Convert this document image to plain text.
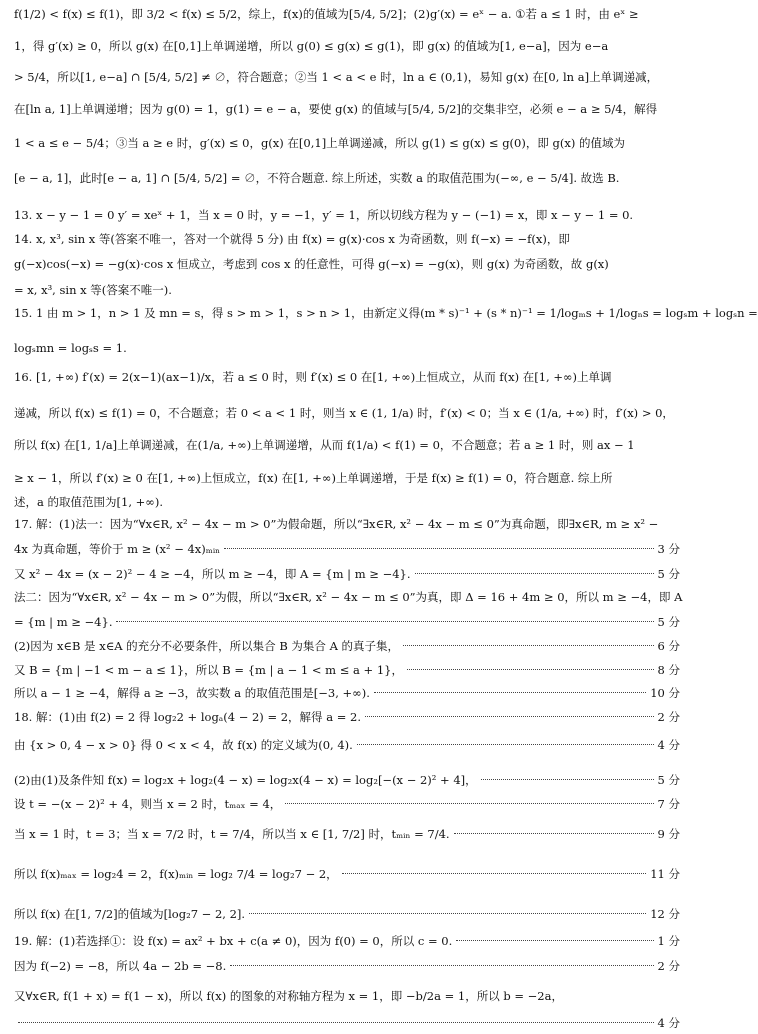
f(1/2) < f(x) ≤ f(1)，即 3/2 < f(x) ≤ 5/2，综上，f(x)的值域为[5/4, 5/2]；(2)g′(x) = eˣ − a. ①若 a ≤ 1 时，由 eˣ ≥
1，得 g′(x) ≥ 0，所以 g(x) 在[0,1]上单调递增，所以 g(0) ≤ g(x) ≤ g(1)，即 g(x) 的值域为[1, e−a]，因为 e−a
> 5/4，所以[1, e−a] ∩ [5/4, 5/2] ≠ ∅，符合题意；②当 1 < a < e 时，ln a ∈ (0,1)，易知 g(x) 在[0, ln a]上单调递减，
在[ln a, 1]上单调递增；因为 g(0) = 1，g(1) = e − a，要使 g(x) 的值域与[5/4, 5/2]的交集非空，必须 e − a ≥ 5/4，解得
1 < a ≤ e − 5/4；③当 a ≥ e 时，g′(x) ≤ 0，g(x) 在[0,1]上单调递减，所以 g(1) ≤ g(x) ≤ g(0)，即 g(x) 的值域为
[e − a, 1]，此时[e − a, 1] ∩ [5/4, 5/2] = ∅，不符合题意. 综上所述，实数 a 的取值范围为(−∞, e − 5/4]. 故选 B.
13. x − y − 1 = 0 y′ = xeˣ + 1，当 x = 0 时，y = −1，y′ = 1，所以切线方程为 y − (−1) = x，即 x − y − 1 = 0.
14. x, x³, sin x 等(答案不唯一，答对一个就得 5 分) 由 f(x) = g(x)·cos x 为奇函数，则 f(−x) = −f(x)，即
g(−x)cos(−x) = −g(x)·cos x 恒成立，考虑到 cos x 的任意性，可得 g(−x) = −g(x)，则 g(x) 为奇函数，故 g(x)
= x, x³, sin x 等(答案不唯一).
15. 1 由 m > 1，n > 1 及 mn = s，得 s > m > 1，s > n > 1，由新定义得(m * s)⁻¹ + (s * n)⁻¹ = 1/logₘs + 1/logₙs = logₛm + logₛn =
logₛmn = logₛs = 1.
16. [1, +∞) f′(x) = 2(x−1)(ax−1)/x，若 a ≤ 0 时，则 f′(x) ≤ 0 在[1, +∞)上恒成立，从而 f(x) 在[1, +∞)上单调
递减，所以 f(x) ≤ f(1) = 0，不合题意；若 0 < a < 1 时，则当 x ∈ (1, 1/a) 时，f′(x) < 0；当 x ∈ (1/a, +∞) 时，f′(x) > 0，
所以 f(x) 在[1, 1/a]上单调递减，在(1/a, +∞)上单调递增，从而 f(1/a) < f(1) = 0，不合题意；若 a ≥ 1 时，则 ax − 1
≥ x − 1，所以 f′(x) ≥ 0 在[1, +∞)上恒成立，f(x) 在[1, +∞)上单调递增，于是 f(x) ≥ f(1) = 0，符合题意. 综上所
述，a 的取值范围为[1, +∞).
17. 解：(1)法一：因为“∀x∈R, x² − 4x − m > 0”为假命题，所以“∃x∈R, x² − 4x − m ≤ 0”为真命题，即∃x∈R, m ≥ x² −
4x 为真命题，等价于 m ≥ (x² − 4x)ₘᵢₙ	3 分
又 x² − 4x = (x − 2)² − 4 ≥ −4，所以 m ≥ −4，即 A = {m | m ≥ −4}.	5 分
法二：因为“∀x∈R, x² − 4x − m > 0”为假，所以“∃x∈R, x² − 4x − m ≤ 0”为真，即 Δ = 16 + 4m ≥ 0，所以 m ≥ −4，即 A
= {m | m ≥ −4}.	5 分
(2)因为 x∈B 是 x∈A 的充分不必要条件，所以集合 B 为集合 A 的真子集，	6 分
又 B = {m | −1 < m − a ≤ 1}，所以 B = {m | a − 1 < m ≤ a + 1}，	8 分
所以 a − 1 ≥ −4，解得 a ≥ −3，故实数 a 的取值范围是[−3, +∞).	10 分
18. 解：(1)由 f(2) = 2 得 log₂2 + logₐ(4 − 2) = 2，解得 a = 2.	2 分
由 {x > 0, 4 − x > 0} 得 0 < x < 4，故 f(x) 的定义域为(0, 4).	4 分
(2)由(1)及条件知 f(x) = log₂x + log₂(4 − x) = log₂x(4 − x) = log₂[−(x − 2)² + 4]，	5 分
设 t = −(x − 2)² + 4，则当 x = 2 时，tₘₐₓ = 4，	7 分
当 x = 1 时，t = 3；当 x = 7/2 时，t = 7/4，所以当 x ∈ [1, 7/2] 时，tₘᵢₙ = 7/4.	9 分
所以 f(x)ₘₐₓ = log₂4 = 2，f(x)ₘᵢₙ = log₂ 7/4 = log₂7 − 2，	11 分
所以 f(x) 在[1, 7/2]的值域为[log₂7 − 2, 2].	12 分
19. 解：(1)若选择①：设 f(x) = ax² + bx + c(a ≠ 0)，因为 f(0) = 0，所以 c = 0.	1 分
因为 f(−2) = −8，所以 4a − 2b = −8.	2 分
又∀x∈R, f(1 + x) = f(1 − x)，所以 f(x) 的图象的对称轴方程为 x = 1，即 −b/2a = 1，所以 b = −2a，
4 分
